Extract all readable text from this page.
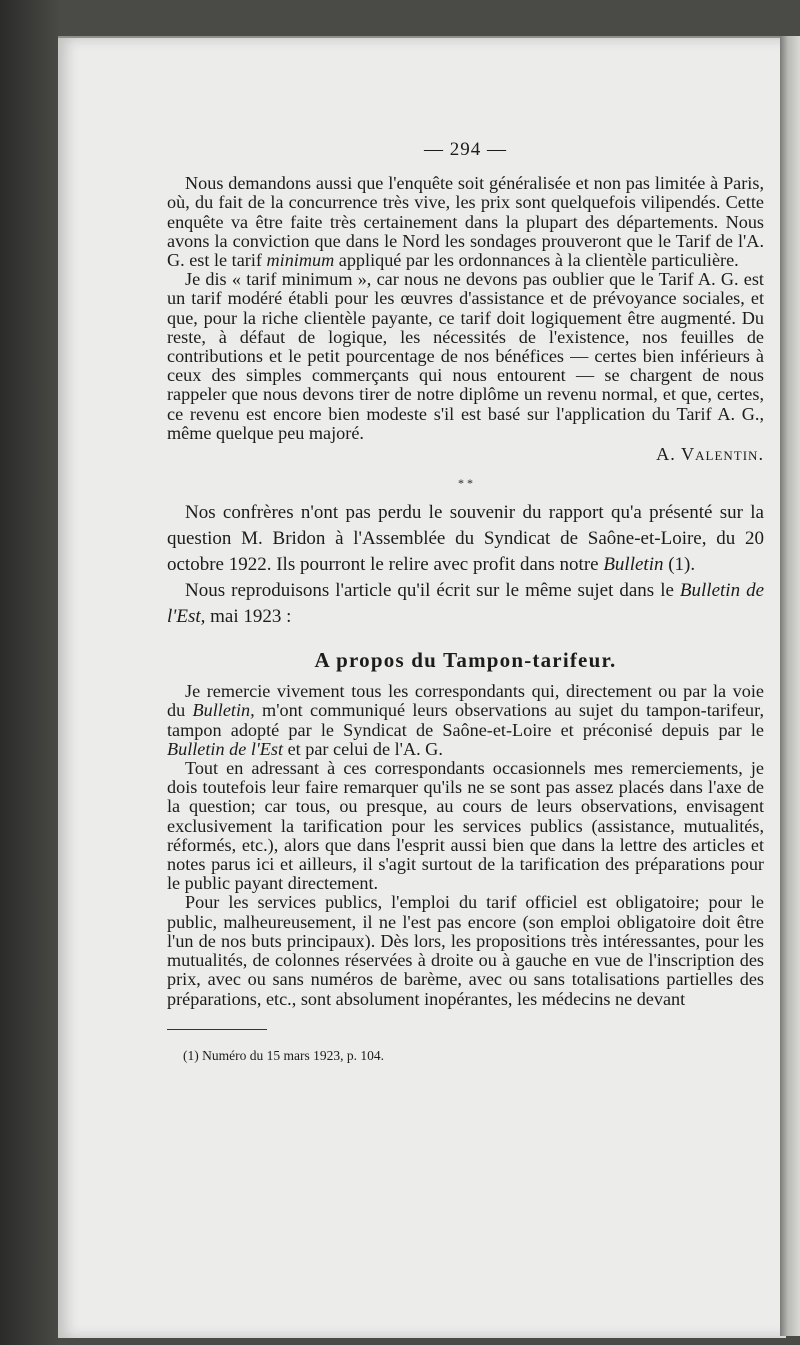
— 294 —

Nous demandons aussi que l'enquête soit généralisée et non pas limitée à Paris, où, du fait de la concurrence très vive, les prix sont quelquefois vilipendés. Cette enquête va être faite très certainement dans la plupart des départements. Nous avons la conviction que dans le Nord les sondages prouveront que le Tarif de l'A. G. est le tarif minimum appliqué par les ordonnances à la clientèle particulière.

Je dis « tarif minimum », car nous ne devons pas oublier que le Tarif A. G. est un tarif modéré établi pour les œuvres d'assistance et de prévoyance sociales, et que, pour la riche clientèle payante, ce tarif doit logiquement être augmenté. Du reste, à défaut de logique, les nécessités de l'existence, nos feuilles de contributions et le petit pourcentage de nos bénéfices — certes bien inférieurs à ceux des simples commerçants qui nous entourent — se chargent de nous rappeler que nous devons tirer de notre diplôme un revenu normal, et que, certes, ce revenu est encore bien modeste s'il est basé sur l'application du Tarif A. G., même quelque peu majoré.

A. Valentin.
* *

Nos confrères n'ont pas perdu le souvenir du rapport qu'a présenté sur la question M. Bridon à l'Assemblée du Syndicat de Saône-et-Loire, du 20 octobre 1922. Ils pourront le relire avec profit dans notre Bulletin (1).

Nous reproduisons l'article qu'il écrit sur le même sujet dans le Bulletin de l'Est, mai 1923 :

A propos du Tampon-tarifeur.

Je remercie vivement tous les correspondants qui, directement ou par la voie du Bulletin, m'ont communiqué leurs observations au sujet du tampon-tarifeur, tampon adopté par le Syndicat de Saône-et-Loire et préconisé depuis par le Bulletin de l'Est et par celui de l'A. G.

Tout en adressant à ces correspondants occasionnels mes remerciements, je dois toutefois leur faire remarquer qu'ils ne se sont pas assez placés dans l'axe de la question; car tous, ou presque, au cours de leurs observations, envisagent exclusivement la tarification pour les services publics (assistance, mutualités, réformés, etc.), alors que dans l'esprit aussi bien que dans la lettre des articles et notes parus ici et ailleurs, il s'agit surtout de la tarification des préparations pour le public payant directement.

Pour les services publics, l'emploi du tarif officiel est obligatoire; pour le public, malheureusement, il ne l'est pas encore (son emploi obligatoire doit être l'un de nos buts principaux). Dès lors, les propositions très intéressantes, pour les mutualités, de colonnes réservées à droite ou à gauche en vue de l'inscription des prix, avec ou sans numéros de barème, avec ou sans totalisations partielles des préparations, etc., sont absolument inopérantes, les médecins ne devant

(1) Numéro du 15 mars 1923, p. 104.
